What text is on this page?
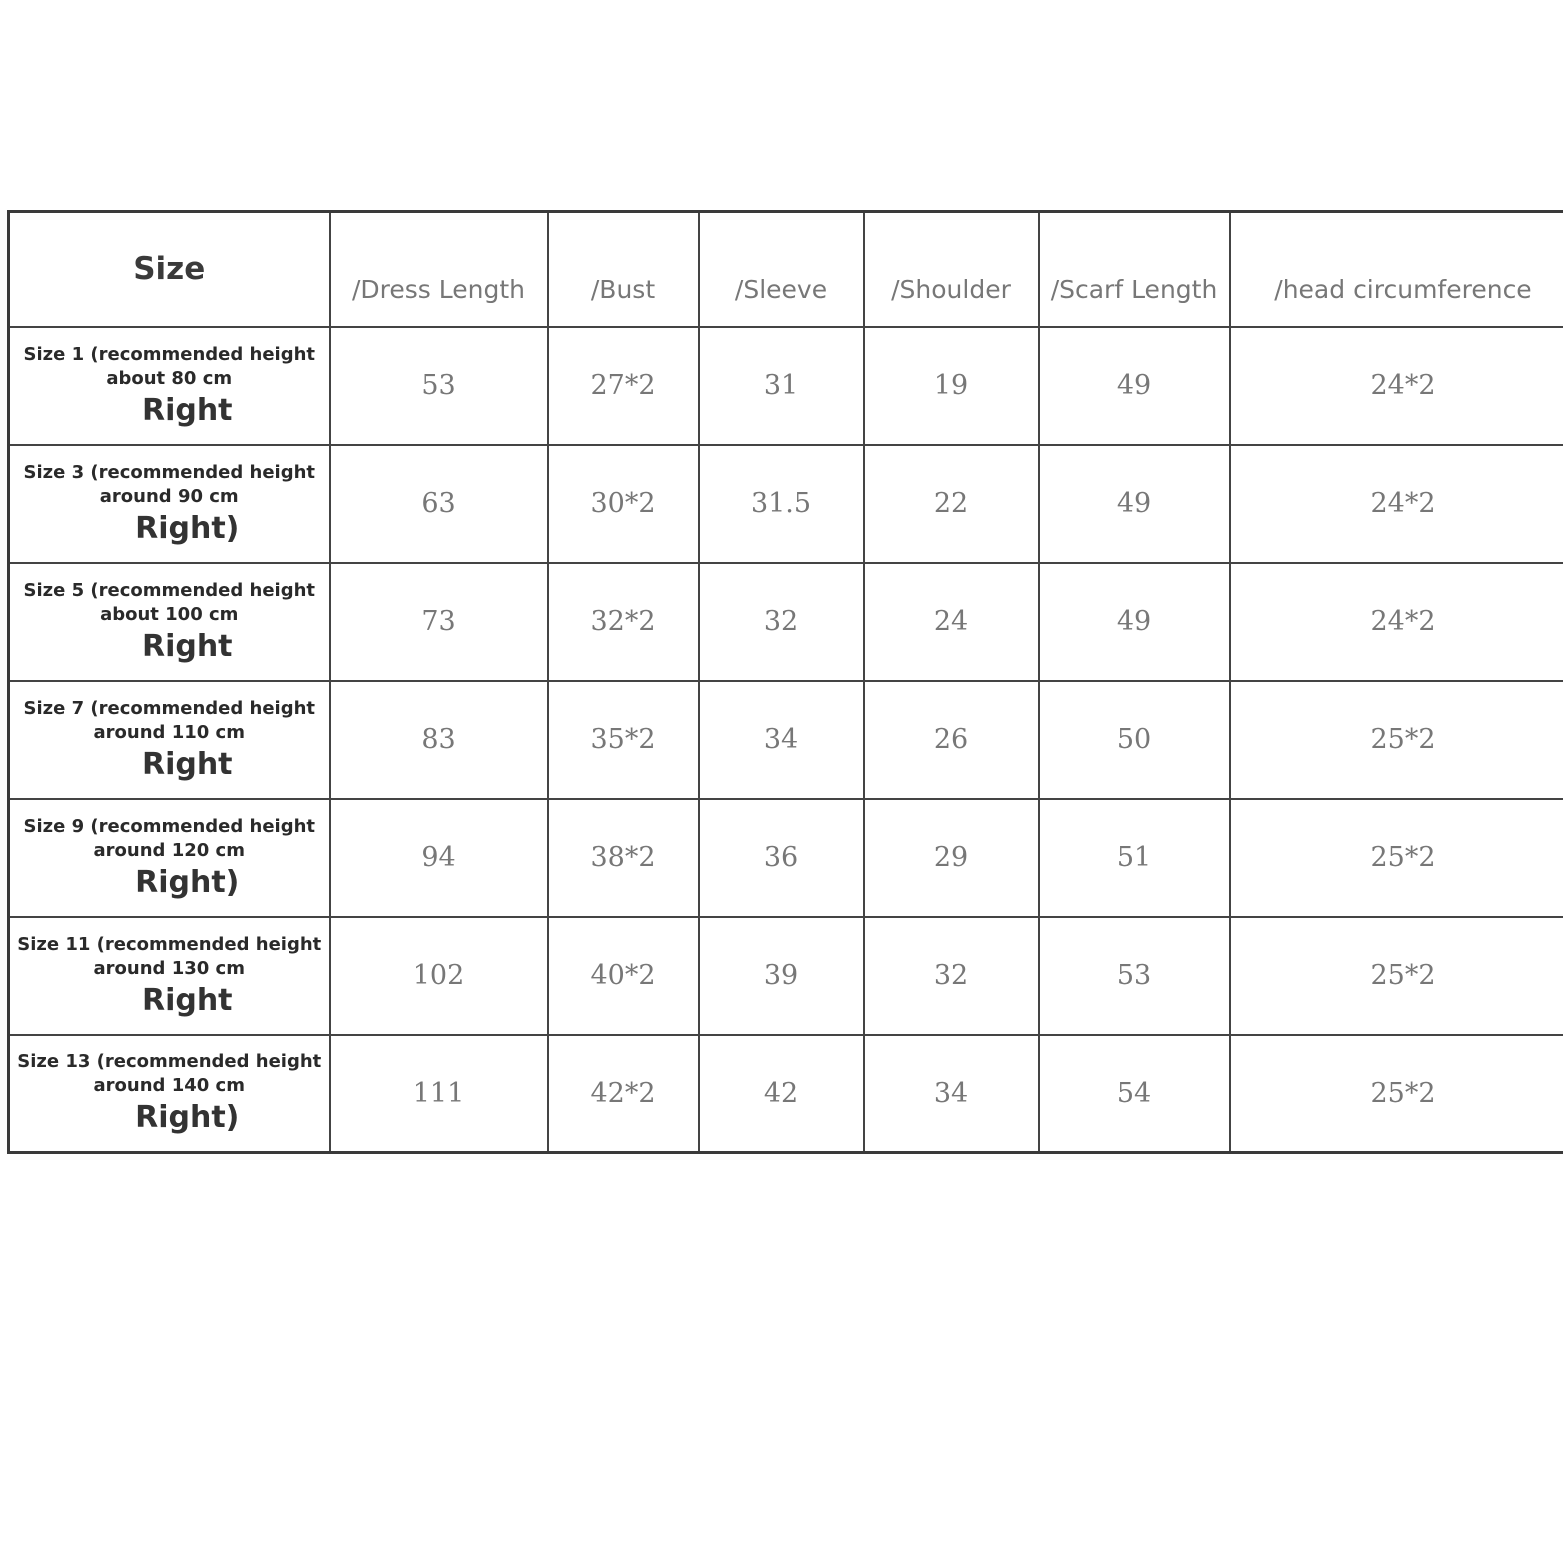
Size	/Dress Length	/Bust	/Sleeve	/Shoulder	/Scarf Length	/head circumference

Size 1 (recommended height about 80 cm
Right	53	27*2	31	19	49	24*2

Size 3 (recommended height around 90 cm
Right)	63	30*2	31.5	22	49	24*2

Size 5 (recommended height about 100 cm
Right	73	32*2	32	24	49	24*2

Size 7 (recommended height around 110 cm
Right	83	35*2	34	26	50	25*2

Size 9 (recommended height around 120 cm
Right)	94	38*2	36	29	51	25*2

Size 11 (recommended height around 130 cm
Right	102	40*2	39	32	53	25*2

Size 13 (recommended height around 140 cm
Right)	111	42*2	42	34	54	25*2
